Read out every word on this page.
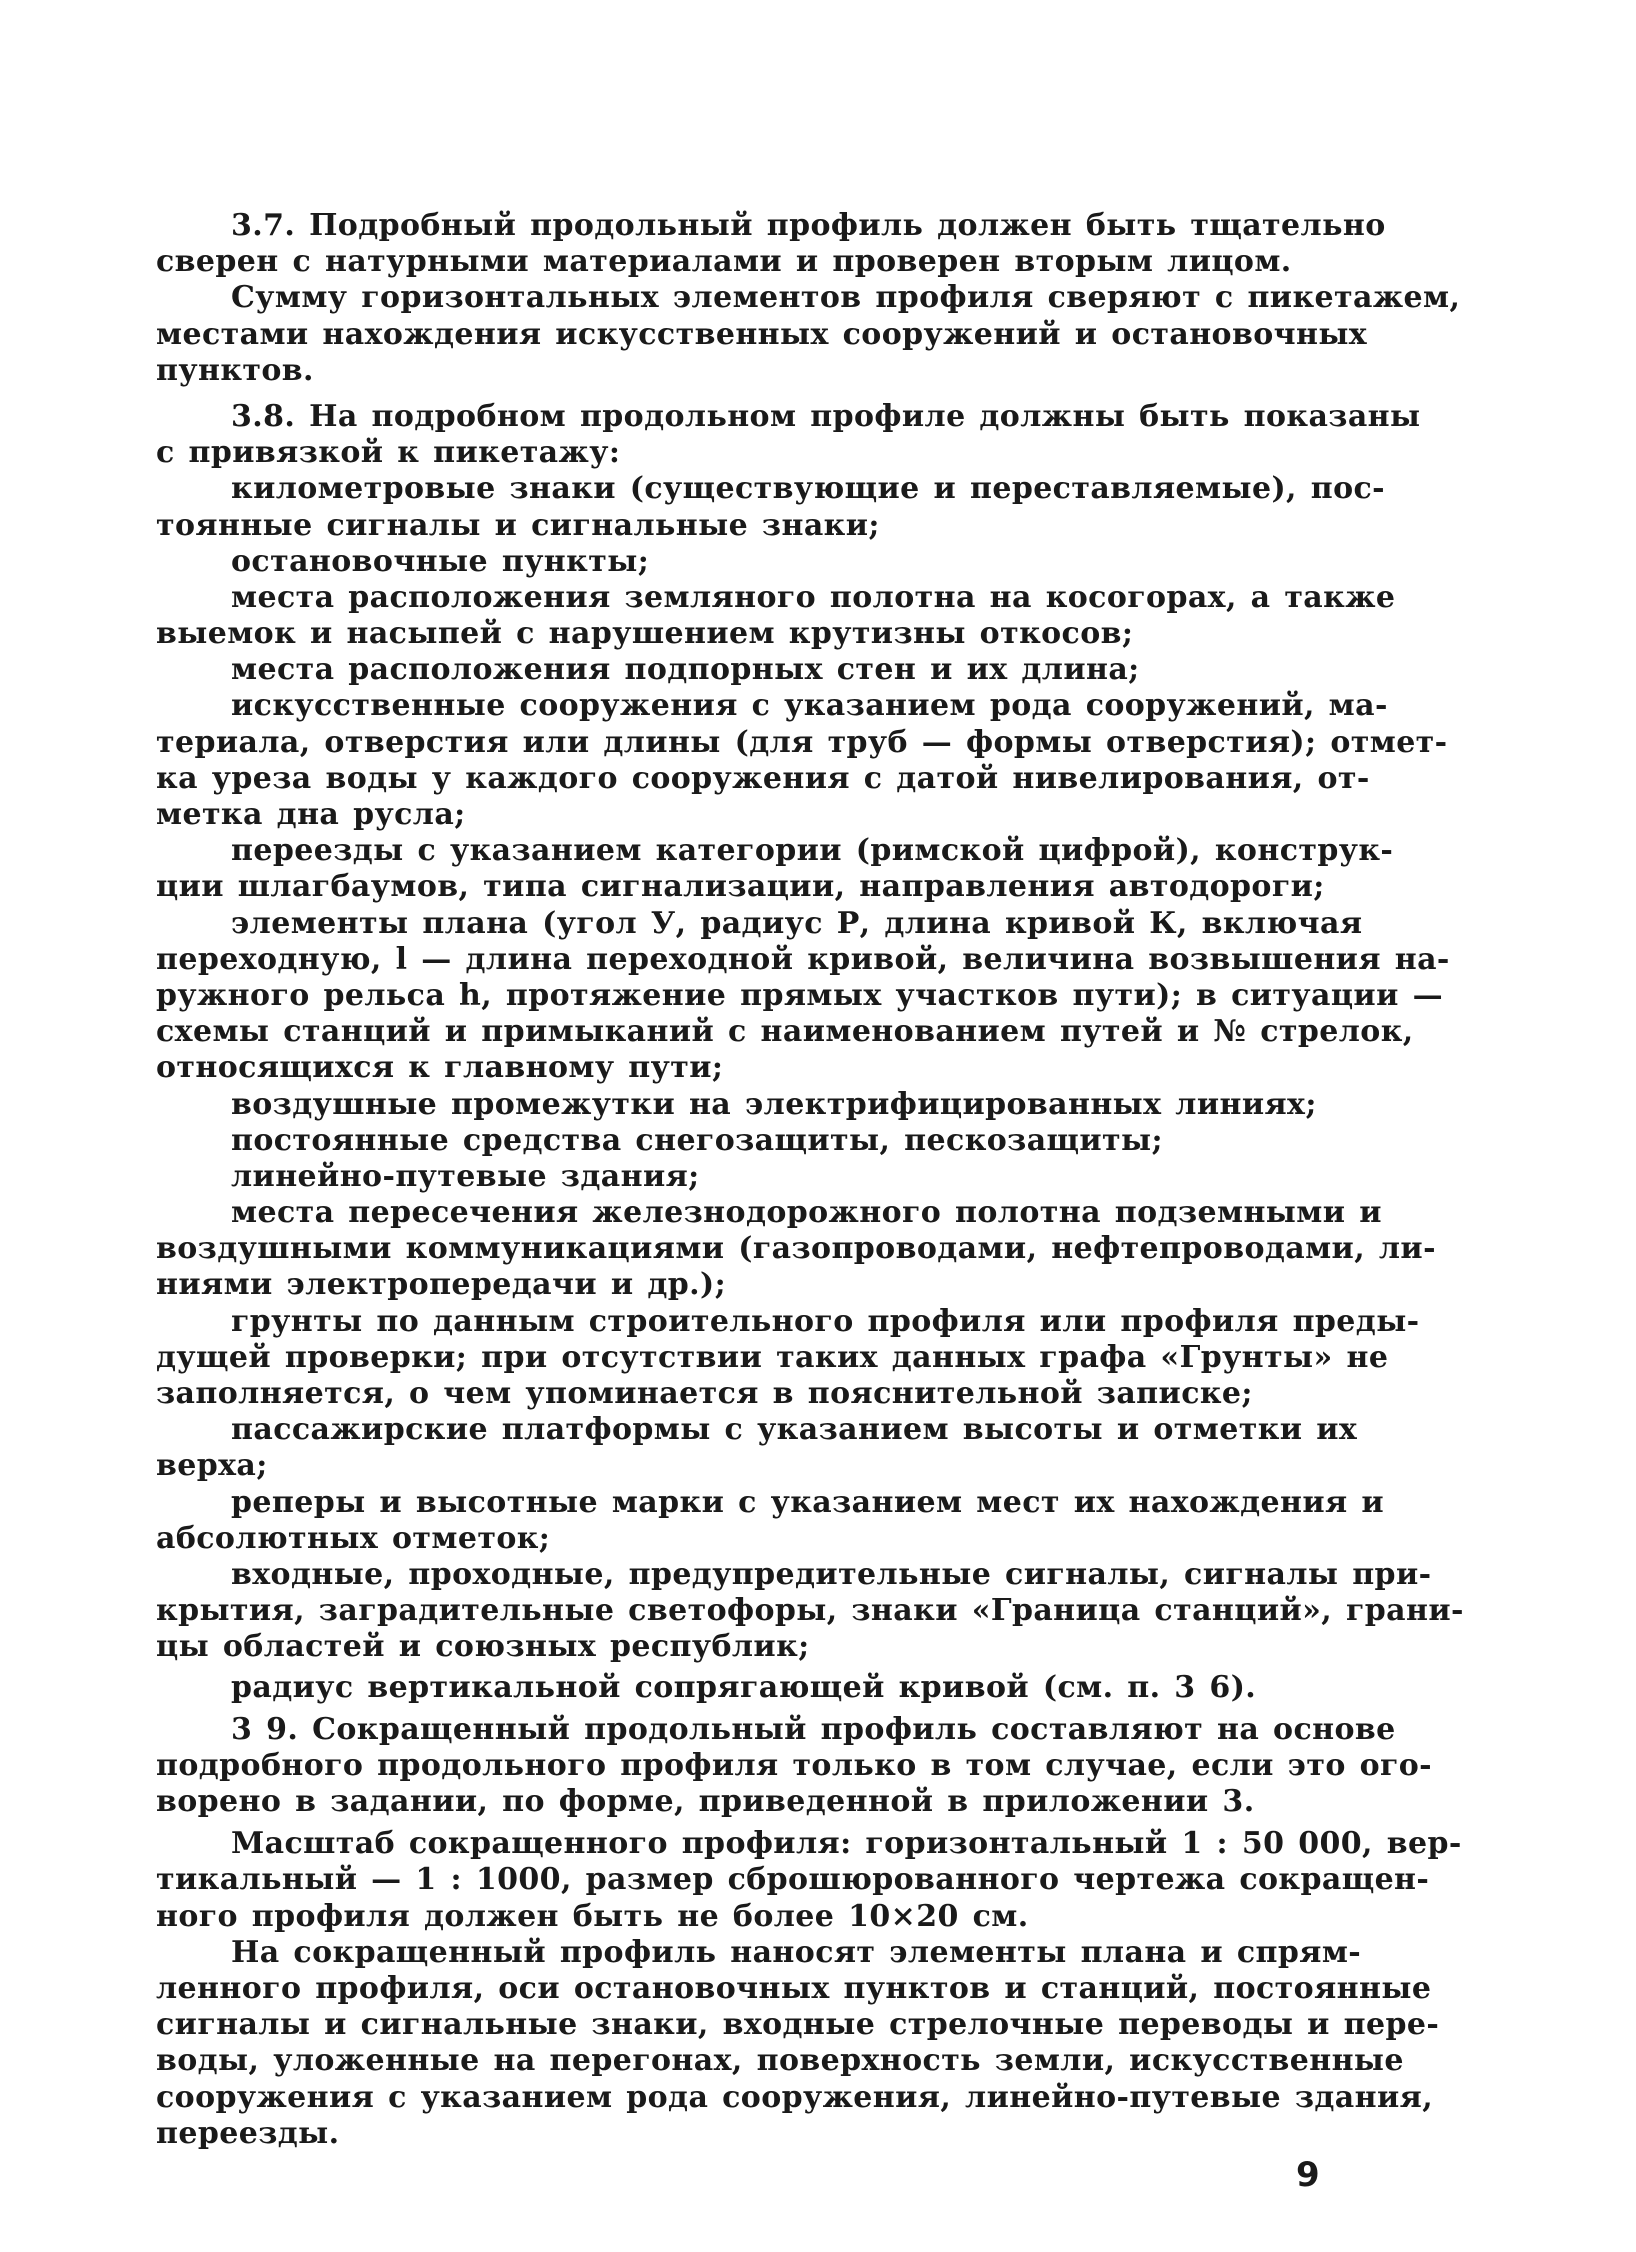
3.7. Подробный продольный профиль должен быть тщательно
сверен с натурными материалами и проверен вторым лицом.
Сумму горизонтальных элементов профиля сверяют с пикетажем,
местами нахождения искусственных сооружений и остановочных
пунктов.
3.8. На подробном продольном профиле должны быть показаны
с привязкой к пикетажу:
километровые знаки (существующие и переставляемые), пос-
тоянные сигналы и сигнальные знаки;
остановочные пункты;
места расположения земляного полотна на косогорах, а также
выемок и насыпей с нарушением крутизны откосов;
места расположения подпорных стен и их длина;
искусственные сооружения с указанием рода сооружений, ма-
териала, отверстия или длины (для труб — формы отверстия); отмет-
ка уреза воды у каждого сооружения с датой нивелирования, от-
метка дна русла;
переезды с указанием категории (римской цифрой), конструк-
ции шлагбаумов, типа сигнализации, направления автодороги;
элементы плана (угол У, радиус Р, длина кривой К, включая
переходную, l — длина переходной кривой, величина возвышения на-
ружного рельса h, протяжение прямых участков пути); в ситуации —
схемы станций и примыканий с наименованием путей и № стрелок,
относящихся к главному пути;
воздушные промежутки на электрифицированных линиях;
постоянные средства снегозащиты, пескозащиты;
линейно-путевые здания;
места пересечения железнодорожного полотна подземными и
воздушными коммуникациями (газопроводами, нефтепроводами, ли-
ниями электропередачи и др.);
грунты по данным строительного профиля или профиля преды-
дущей проверки; при отсутствии таких данных графа «Грунты» не
заполняется, о чем упоминается в пояснительной записке;
пассажирские платформы с указанием высоты и отметки их
верха;
реперы и высотные марки с указанием мест их нахождения и
абсолютных отметок;
входные, проходные, предупредительные сигналы, сигналы при-
крытия, заградительные светофоры, знаки «Граница станций», грани-
цы областей и союзных республик;
радиус вертикальной сопрягающей кривой (см. п. 3 6).
3 9. Сокращенный продольный профиль составляют на основе
подробного продольного профиля только в том случае, если это ого-
ворено в задании, по форме, приведенной в приложении 3.
Масштаб сокращенного профиля: горизонтальный 1 : 50 000, вер-
тикальный — 1 : 1000, размер сброшюрованного чертежа сокращен-
ного профиля должен быть не более 10×20 см.
На сокращенный профиль наносят элементы плана и спрям-
ленного профиля, оси остановочных пунктов и станций, постоянные
сигналы и сигнальные знаки, входные стрелочные переводы и пере-
воды, уложенные на перегонах, поверхность земли, искусственные
сооружения с указанием рода сооружения, линейно-путевые здания,
переезды.
9
